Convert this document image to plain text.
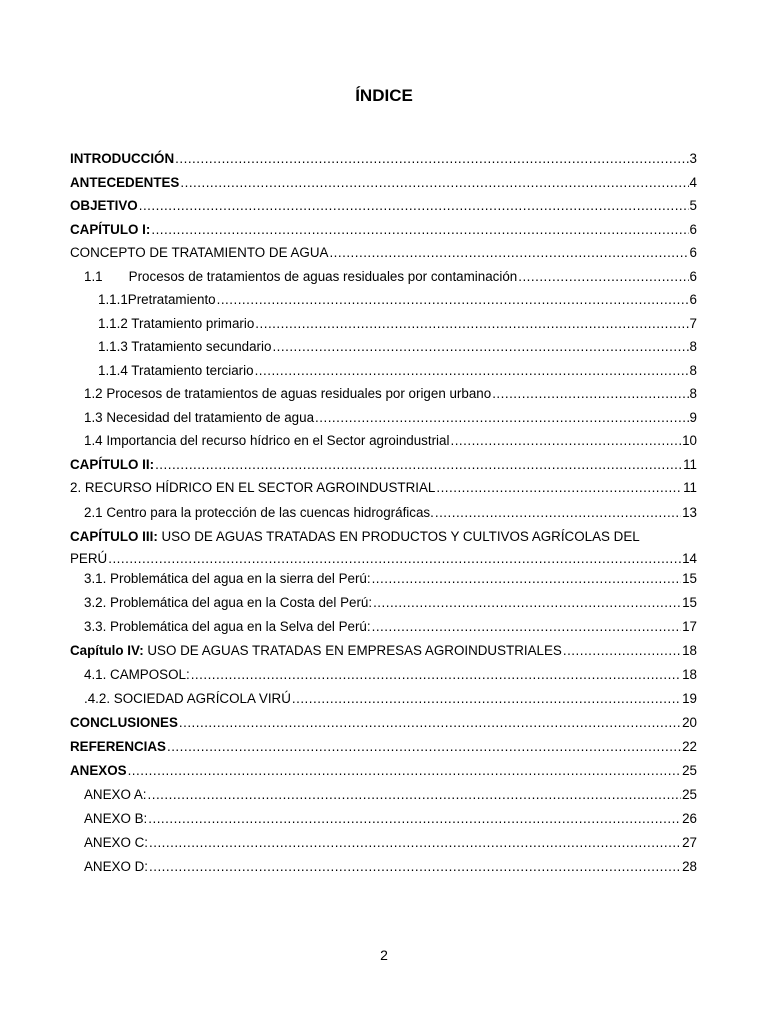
ÍNDICE
INTRODUCCIÓN .....	3
ANTECEDENTES .....	4
OBJETIVO .....	5
CAPÍTULO I: .....	6
CONCEPTO DE TRATAMIENTO DE AGUA .....	6
1.1       Procesos de tratamientos de aguas residuales por contaminación .....	6
1.1.1Pretratamiento .....	6
1.1.2 Tratamiento primario .....	7
1.1.3 Tratamiento secundario .....	8
1.1.4 Tratamiento terciario .....	8
1.2 Procesos de tratamientos de aguas residuales por origen urbano .....	8
1.3 Necesidad del tratamiento de agua .....	9
1.4 Importancia del recurso hídrico en el Sector agroindustrial .....	10
CAPÍTULO II: .....	11
2. RECURSO HÍDRICO EN EL SECTOR AGROINDUSTRIAL .....	11
2.1 Centro para la protección de las cuencas hidrográficas. .....	13
CAPÍTULO III: USO DE AGUAS TRATADAS EN PRODUCTOS Y CULTIVOS AGRÍCOLAS DEL
PERÚ .....	14
3.1. Problemática del agua en la sierra del Perú: .....	15
3.2. Problemática del agua en la Costa del Perú: .....	15
3.3. Problemática del agua en la Selva del Perú: .....	17
Capítulo IV: USO DE AGUAS TRATADAS EN EMPRESAS AGROINDUSTRIALES .....	18
4.1. CAMPOSOL: .....	18
.4.2. SOCIEDAD AGRÍCOLA VIRÚ .....	19
CONCLUSIONES .....	20
REFERENCIAS .....	22
ANEXOS .....	25
ANEXO A: .....	25
ANEXO B: .....	26
ANEXO C: .....	27
ANEXO D: .....	28
2
